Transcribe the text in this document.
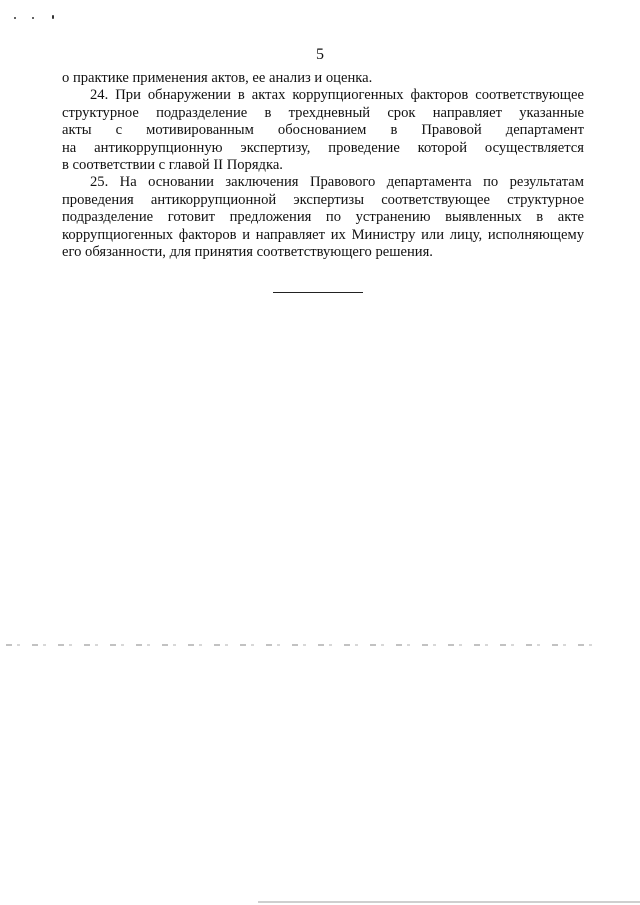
5
о практике применения актов, ее анализ и оценка.
24. При обнаружении в актах коррупциогенных факторов соответствующее
структурное подразделение в трехдневный срок направляет указанные
акты с мотивированным обоснованием в Правовой департамент
на антикоррупционную экспертизу, проведение которой осуществляется
в соответствии с главой II Порядка.
25. На основании заключения Правового департамента по результатам
проведения антикоррупционной экспертизы соответствующее структурное
подразделение готовит предложения по устранению выявленных в акте
коррупциогенных факторов и направляет их Министру или лицу, исполняющему
его обязанности, для принятия соответствующего решения.
